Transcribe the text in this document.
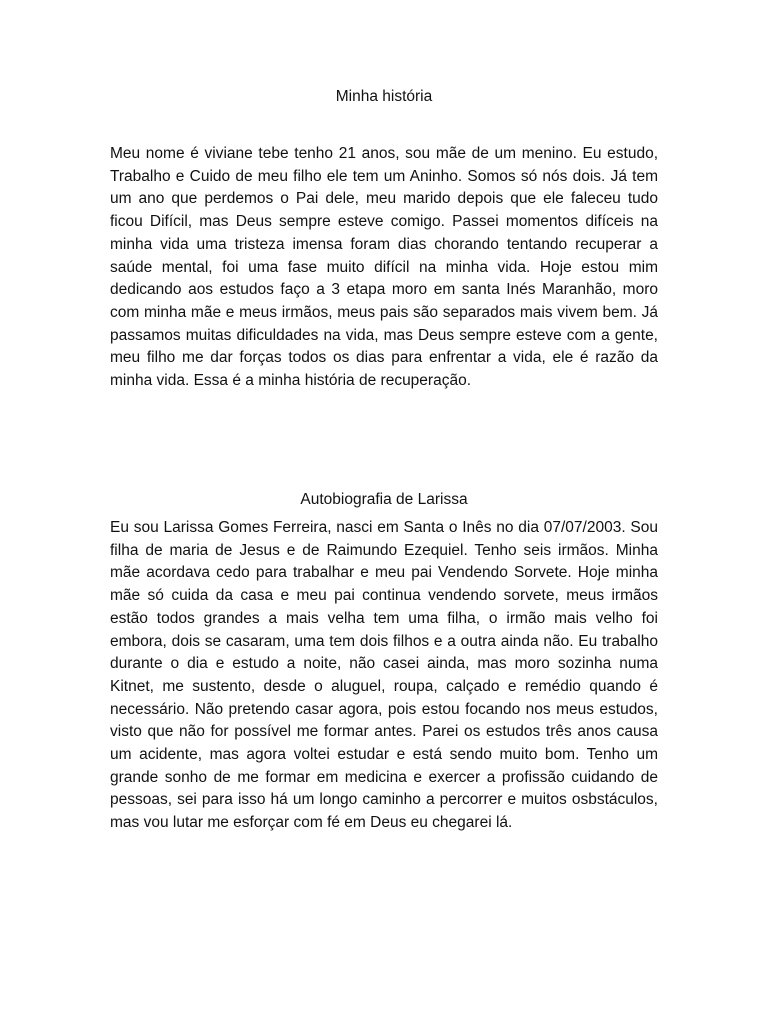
Minha história

Meu nome é viviane tebe tenho 21 anos, sou mãe de um menino. Eu estudo, Trabalho e Cuido de meu filho ele tem um Aninho. Somos só nós dois. Já tem um ano que perdemos o Pai dele, meu marido depois que ele faleceu tudo ficou Difícil, mas Deus sempre esteve comigo. Passei momentos difíceis na minha vida uma tristeza imensa foram dias chorando tentando recuperar a saúde mental, foi uma fase muito difícil na minha vida. Hoje estou mim dedicando aos estudos faço a 3 etapa moro em santa Inés Maranhão, moro com minha mãe e meus irmãos, meus pais são separados mais vivem bem. Já passamos muitas dificuldades na vida, mas Deus sempre esteve com a gente, meu filho me dar forças todos os dias para enfrentar a vida, ele é razão da minha vida. Essa é a minha história de recuperação.

Autobiografia de Larissa

Eu sou Larissa Gomes Ferreira, nasci em Santa o Inês no dia 07/07/2003. Sou filha de maria de Jesus e de Raimundo Ezequiel. Tenho seis irmãos. Minha mãe acordava cedo para trabalhar e meu pai Vendendo Sorvete. Hoje minha mãe só cuida da casa e meu pai continua vendendo sorvete, meus irmãos estão todos grandes a mais velha tem uma filha, o irmão mais velho foi embora, dois se casaram, uma tem dois filhos e a outra ainda não. Eu trabalho durante o dia e estudo a noite, não casei ainda, mas moro sozinha numa Kitnet, me sustento, desde o aluguel, roupa, calçado e remédio quando é necessário. Não pretendo casar agora, pois estou focando nos meus estudos, visto que não for possível me formar antes. Parei os estudos três anos causa um acidente, mas agora voltei estudar e está sendo muito bom. Tenho um grande sonho de me formar em medicina e exercer a profissão cuidando de pessoas, sei para isso há um longo caminho a percorrer e muitos osbstáculos, mas vou lutar me esforçar com fé em Deus eu chegarei lá.
